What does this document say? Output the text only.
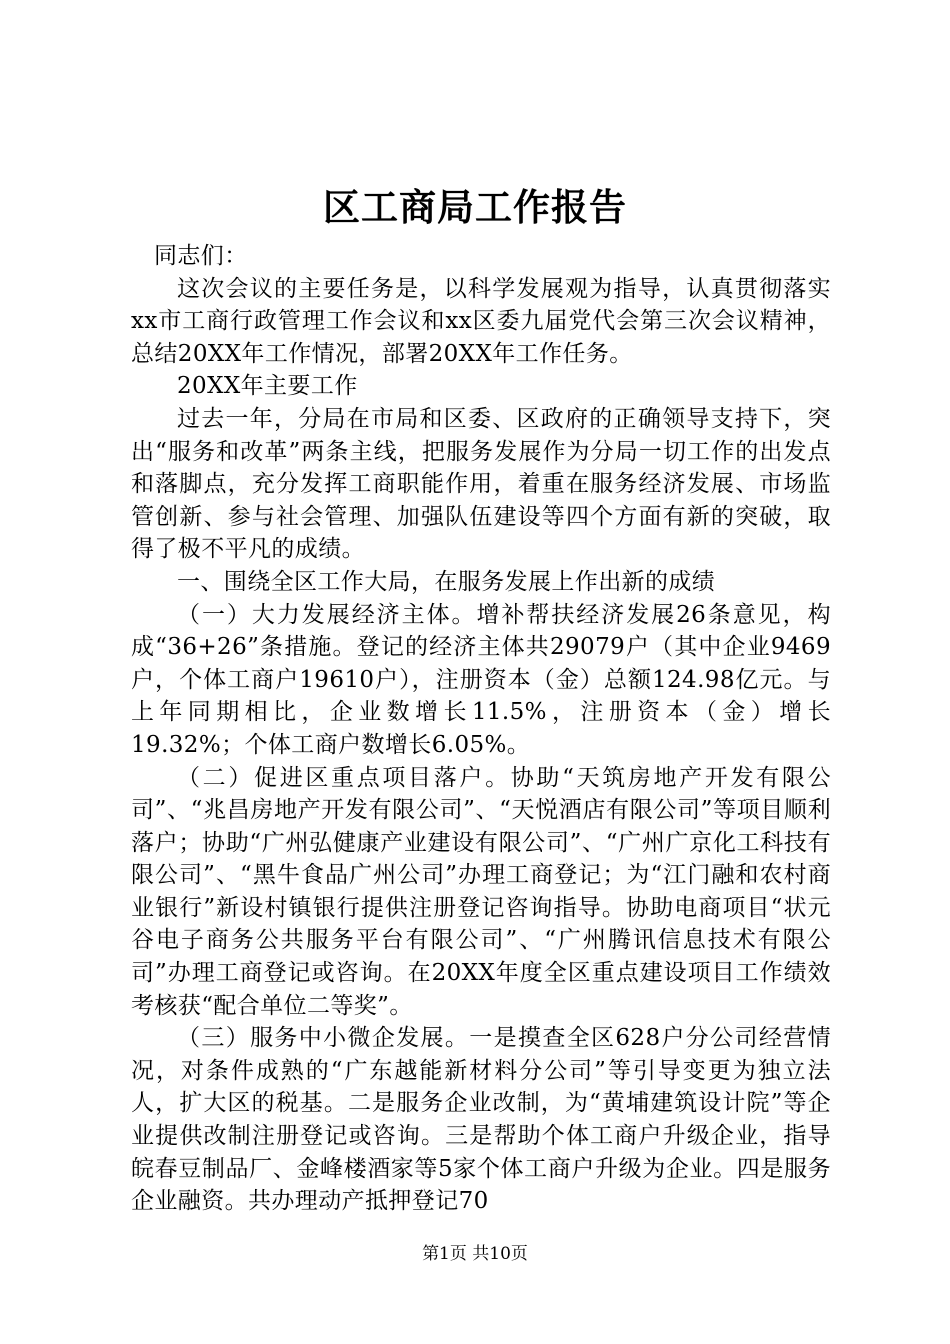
区工商局工作报告

同志们：

这次会议的主要任务是，以科学发展观为指导，认真贯彻落实xx市工商行政管理工作会议和xx区委九届党代会第三次会议精神，总结20XX年工作情况，部署20XX年工作任务。

20XX年主要工作

过去一年，分局在市局和区委、区政府的正确领导支持下，突出“服务和改革”两条主线，把服务发展作为分局一切工作的出发点和落脚点，充分发挥工商职能作用，着重在服务经济发展、市场监管创新、参与社会管理、加强队伍建设等四个方面有新的突破，取得了极不平凡的成绩。

一、围绕全区工作大局，在服务发展上作出新的成绩

（一）大力发展经济主体。增补帮扶经济发展26条意见，构成“36+26”条措施。登记的经济主体共29079户（其中企业9469户，个体工商户19610户），注册资本（金）总额124.98亿元。与上年同期相比，企业数增长11.5%，注册资本（金）增长19.32%；个体工商户数增长6.05%。

（二）促进区重点项目落户。协助“天筑房地产开发有限公司”、“兆昌房地产开发有限公司”、“天悦酒店有限公司”等项目顺利落户；协助“广州弘健康产业建设有限公司”、“广州广京化工科技有限公司”、“黑牛食品广州公司”办理工商登记；为“江门融和农村商业银行”新设村镇银行提供注册登记咨询指导。协助电商项目“状元谷电子商务公共服务平台有限公司”、“广州腾讯信息技术有限公司”办理工商登记或咨询。在20XX年度全区重点建设项目工作绩效考核获“配合单位二等奖”。

（三）服务中小微企发展。一是摸查全区628户分公司经营情况，对条件成熟的“广东越能新材料分公司”等引导变更为独立法人，扩大区的税基。二是服务企业改制，为“黄埔建筑设计院”等企业提供改制注册登记或咨询。三是帮助个体工商户升级企业，指导皖春豆制品厂、金峰楼酒家等5家个体工商户升级为企业。四是服务企业融资。共办理动产抵押登记70

第1页 共10页
